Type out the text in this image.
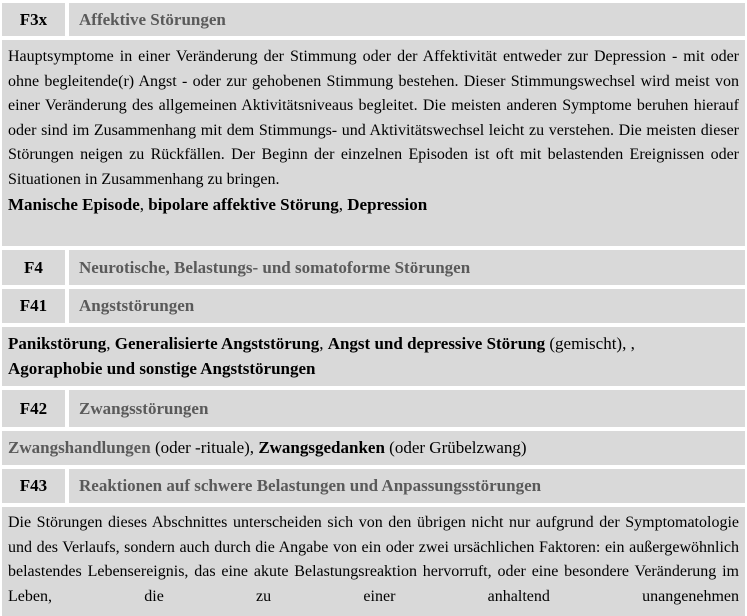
F3x	Affektive Störungen
Hauptsymptome in einer Veränderung der Stimmung oder der Affektivität entweder zur Depression - mit oder ohne begleitende(r) Angst - oder zur gehobenen Stimmung bestehen. Dieser Stimmungswechsel wird meist von einer Veränderung des allgemeinen Aktivitätsniveaus begleitet. Die meisten anderen Symptome beruhen hierauf oder sind im Zusammenhang mit dem Stimmungs- und Aktivitätswechsel leicht zu verstehen. Die meisten dieser Störungen neigen zu Rückfällen. Der Beginn der einzelnen Episoden ist oft mit belastenden Ereignissen oder Situationen in Zusammenhang zu bringen.
Manische Episode, bipolare affektive Störung, Depression
F4	Neurotische, Belastungs- und somatoforme Störungen
F41	Angststörungen
Panikstörung, Generalisierte Angststörung, Angst und depressive Störung (gemischt), ,
Agoraphobie und sonstige Angststörungen
F42	Zwangsstörungen
Zwangshandlungen (oder -rituale), Zwangsgedanken (oder Grübelzwang)
F43	Reaktionen auf schwere Belastungen und Anpassungsstörungen
Die Störungen dieses Abschnittes unterscheiden sich von den übrigen nicht nur aufgrund der Symptomatologie und des Verlaufs, sondern auch durch die Angabe von ein oder zwei ursächlichen Faktoren: ein außergewöhnlich belastendes Lebensereignis, das eine akute Belastungsreaktion hervorruft, oder eine besondere Veränderung im Leben, die zu einer anhaltend unangenehmen
